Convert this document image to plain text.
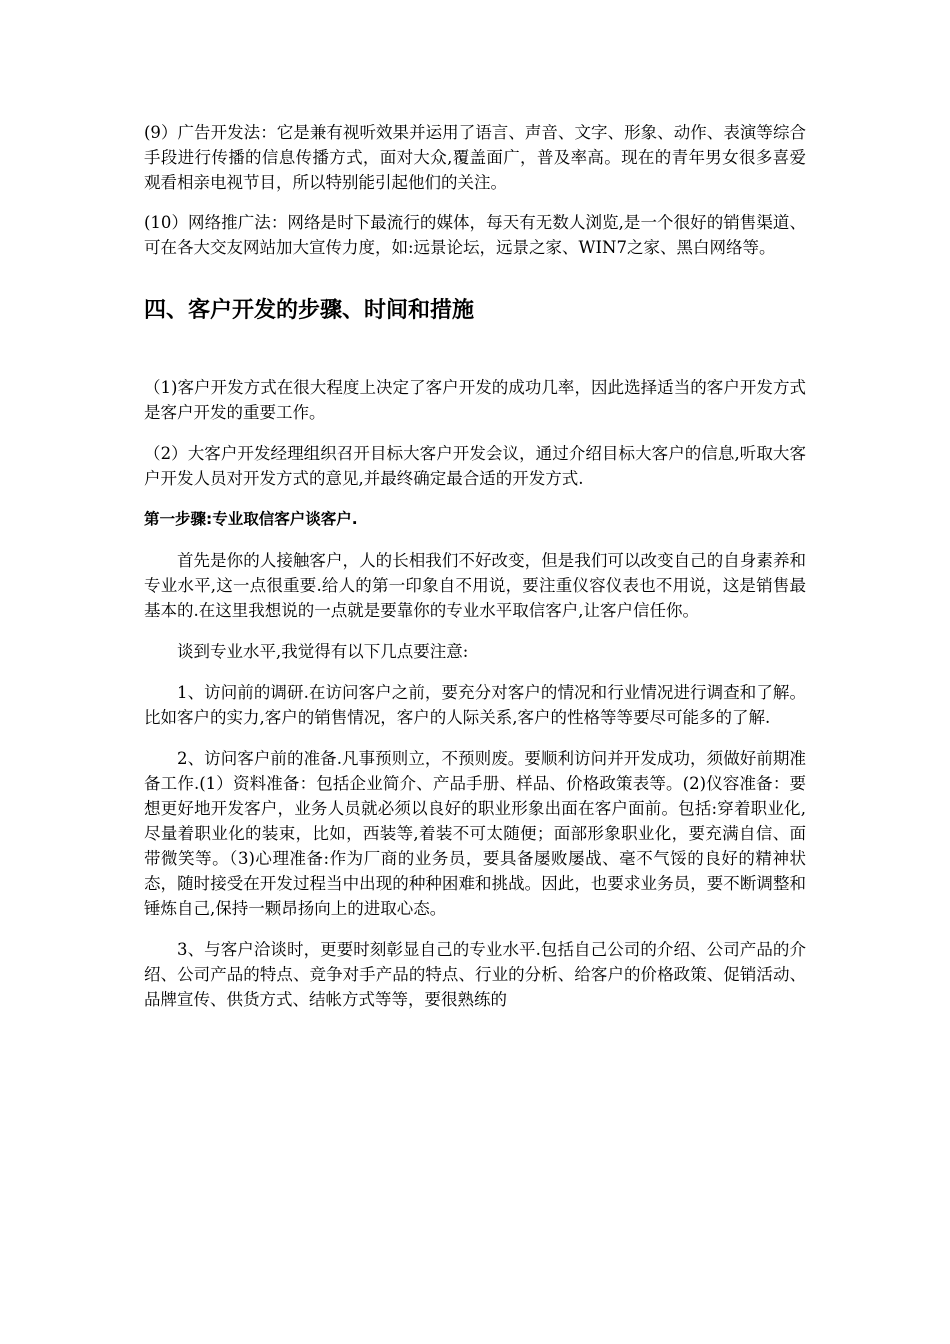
(9）广告开发法：它是兼有视听效果并运用了语言、声音、文字、形象、动作、表演等综合手段进行传播的信息传播方式，面对大众,覆盖面广，普及率高。现在的青年男女很多喜爱观看相亲电视节目，所以特别能引起他们的关注。

(10）网络推广法：网络是时下最流行的媒体，每天有无数人浏览,是一个很好的销售渠道、可在各大交友网站加大宣传力度，如:远景论坛，远景之家、WIN7之家、黑白网络等。

四、客户开发的步骤、时间和措施

（1)客户开发方式在很大程度上决定了客户开发的成功几率，因此选择适当的客户开发方式是客户开发的重要工作。

（2）大客户开发经理组织召开目标大客户开发会议，通过介绍目标大客户的信息,听取大客户开发人员对开发方式的意见,并最终确定最合适的开发方式.

第一步骤:专业取信客户谈客户.

首先是你的人接触客户，人的长相我们不好改变，但是我们可以改变自己的自身素养和专业水平,这一点很重要.给人的第一印象自不用说，要注重仪容仪表也不用说，这是销售最基本的.在这里我想说的一点就是要靠你的专业水平取信客户,让客户信任你。

谈到专业水平,我觉得有以下几点要注意:

1、访问前的调研.在访问客户之前，要充分对客户的情况和行业情况进行调查和了解。比如客户的实力,客户的销售情况，客户的人际关系,客户的性格等等要尽可能多的了解.

2、访问客户前的准备.凡事预则立，不预则废。要顺利访问并开发成功，须做好前期准备工作.(1）资料准备：包括企业简介、产品手册、样品、价格政策表等。(2)仪容准备：要想更好地开发客户，业务人员就必须以良好的职业形象出面在客户面前。包括:穿着职业化,尽量着职业化的装束，比如，西装等,着装不可太随便；面部形象职业化，要充满自信、面带微笑等。（3)心理准备:作为厂商的业务员，要具备屡败屡战、毫不气馁的良好的精神状态，随时接受在开发过程当中出现的种种困难和挑战。因此，也要求业务员，要不断调整和锤炼自己,保持一颗昂扬向上的进取心态。

3、与客户洽谈时，更要时刻彰显自己的专业水平.包括自己公司的介绍、公司产品的介绍、公司产品的特点、竞争对手产品的特点、行业的分析、给客户的价格政策、促销活动、品牌宣传、供货方式、结帐方式等等，要很熟练的
